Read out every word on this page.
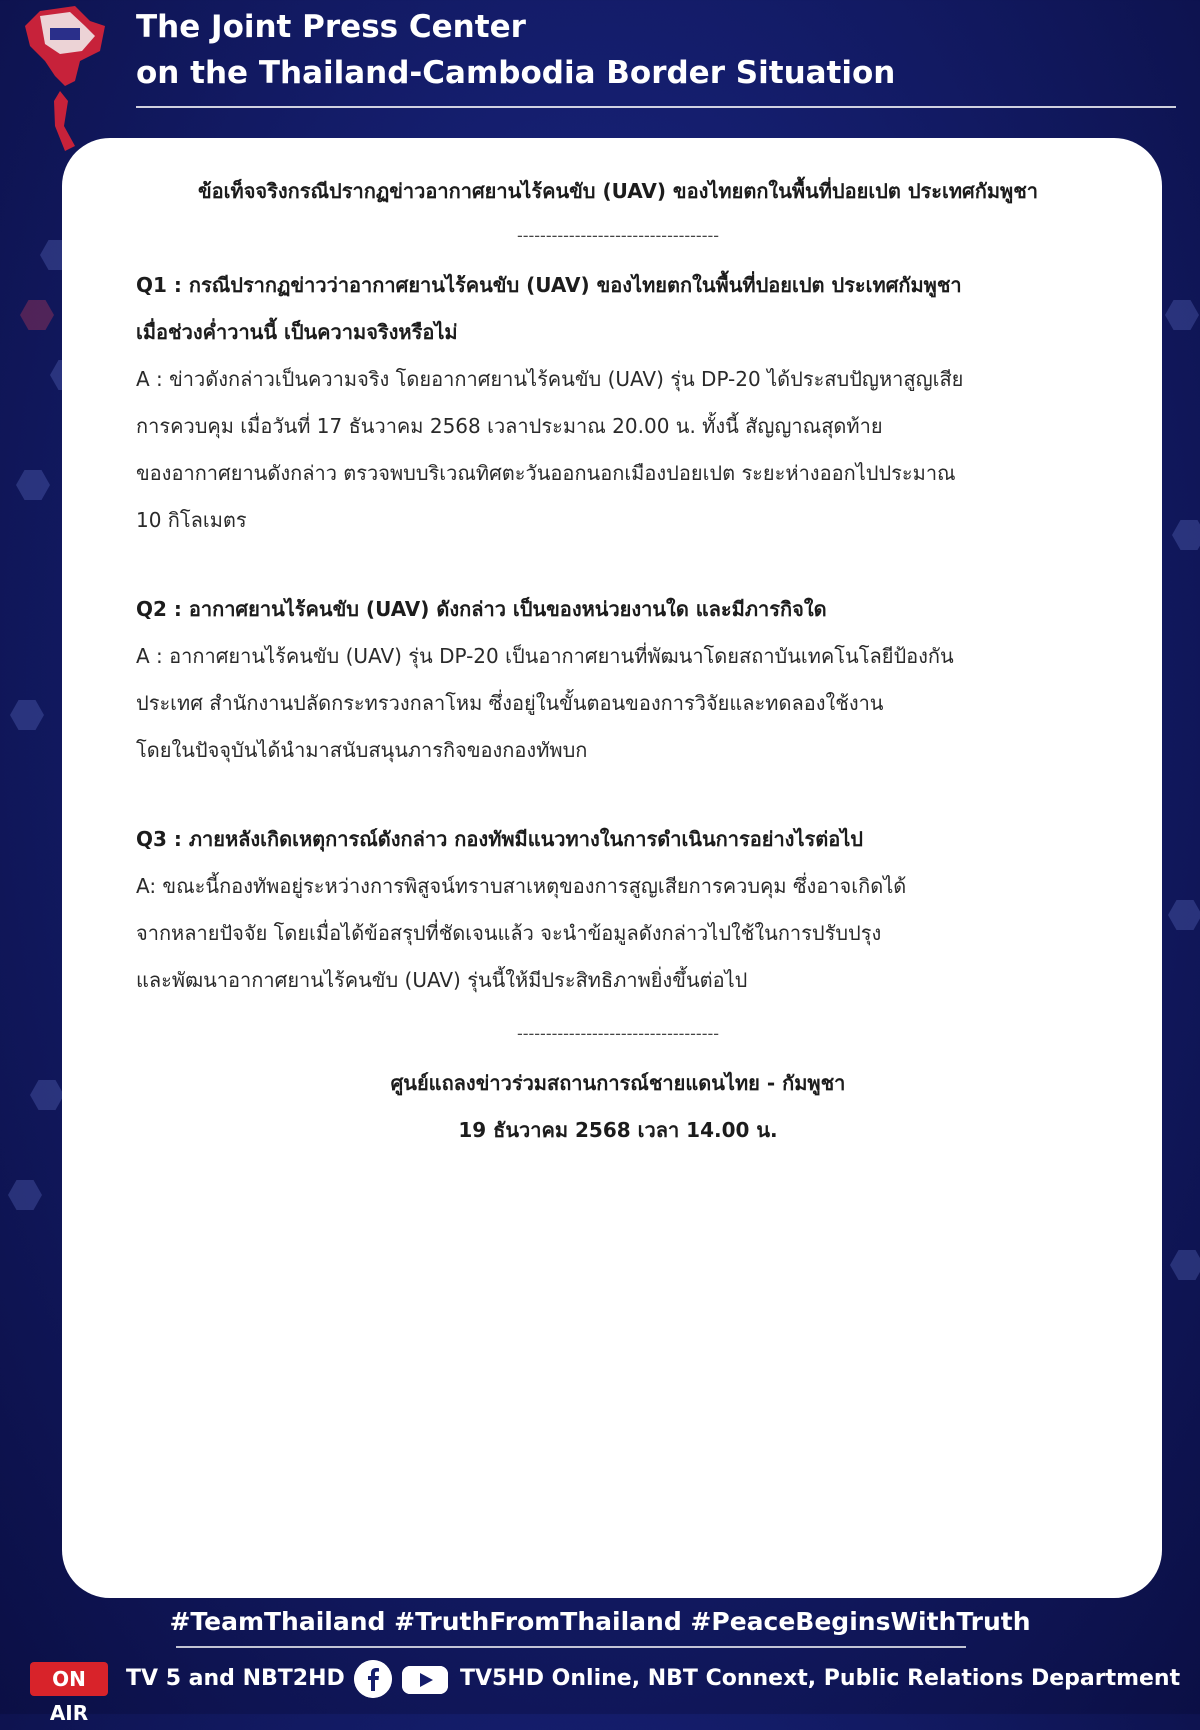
The Joint Press Center
on the Thailand-Cambodia Border Situation
ข้อเท็จจริงกรณีปรากฏข่าวอากาศยานไร้คนขับ (UAV) ของไทยตกในพื้นที่ปอยเปต ประเทศกัมพูชา
-----------------------------------

Q1 : กรณีปรากฏข่าวว่าอากาศยานไร้คนขับ (UAV) ของไทยตกในพื้นที่ปอยเปต ประเทศกัมพูชา

เมื่อช่วงค่ำวานนี้ เป็นความจริงหรือไม่

A : ข่าวดังกล่าวเป็นความจริง โดยอากาศยานไร้คนขับ (UAV) รุ่น DP-20 ได้ประสบปัญหาสูญเสีย

การควบคุม เมื่อวันที่ 17 ธันวาคม 2568 เวลาประมาณ 20.00 น. ทั้งนี้ สัญญาณสุดท้าย

ของอากาศยานดังกล่าว ตรวจพบบริเวณทิศตะวันออกนอกเมืองปอยเปต ระยะห่างออกไปประมาณ

10 กิโลเมตร

Q2 : อากาศยานไร้คนขับ (UAV) ดังกล่าว เป็นของหน่วยงานใด และมีภารกิจใด

A : อากาศยานไร้คนขับ (UAV) รุ่น DP-20 เป็นอากาศยานที่พัฒนาโดยสถาบันเทคโนโลยีป้องกัน

ประเทศ สำนักงานปลัดกระทรวงกลาโหม ซึ่งอยู่ในขั้นตอนของการวิจัยและทดลองใช้งาน

โดยในปัจจุบันได้นำมาสนับสนุนภารกิจของกองทัพบก

Q3 : ภายหลังเกิดเหตุการณ์ดังกล่าว กองทัพมีแนวทางในการดำเนินการอย่างไรต่อไป

A: ขณะนี้กองทัพอยู่ระหว่างการพิสูจน์ทราบสาเหตุของการสูญเสียการควบคุม ซึ่งอาจเกิดได้

จากหลายปัจจัย โดยเมื่อได้ข้อสรุปที่ชัดเจนแล้ว จะนำข้อมูลดังกล่าวไปใช้ในการปรับปรุง

และพัฒนาอากาศยานไร้คนขับ (UAV) รุ่นนี้ให้มีประสิทธิภาพยิ่งขึ้นต่อไป

-----------------------------------
ศูนย์แถลงข่าวร่วมสถานการณ์ชายแดนไทย - กัมพูชา
19 ธันวาคม 2568 เวลา 14.00 น.
#TeamThailand #TruthFromThailand #PeaceBeginsWithTruth
ON AIR
TV 5 and NBT2HD	TV5HD Online, NBT Connext, Public Relations Department
